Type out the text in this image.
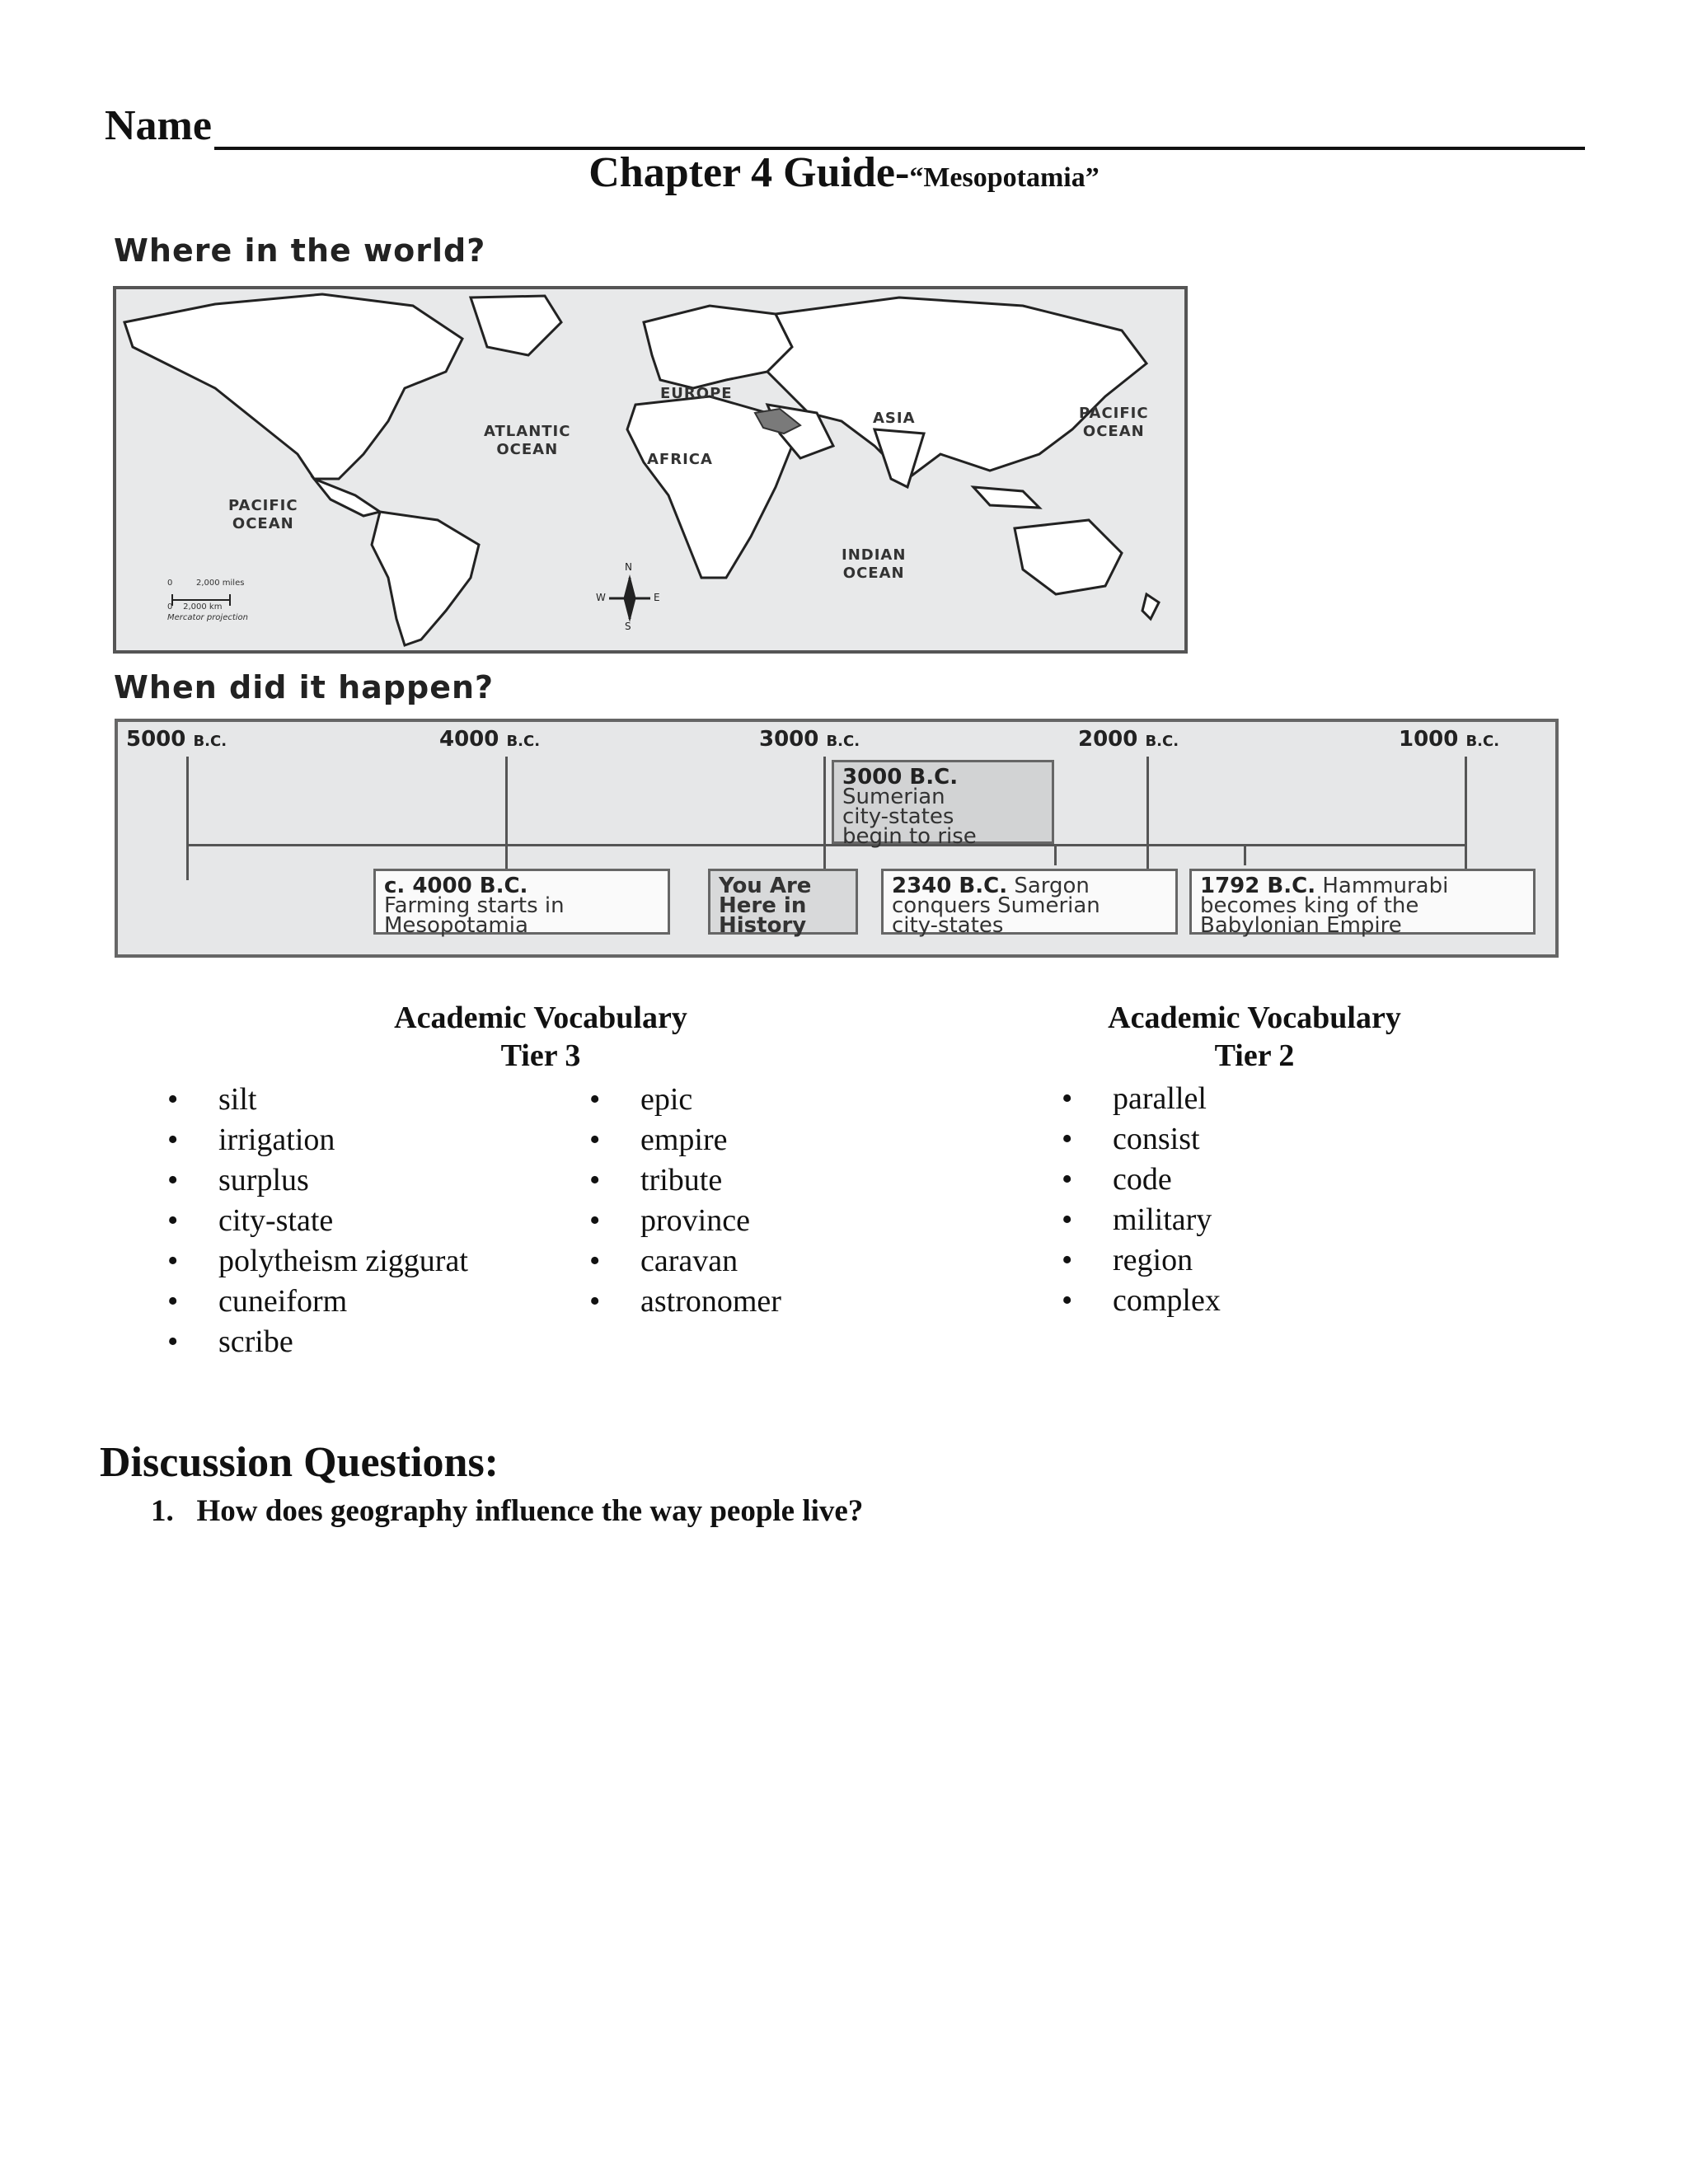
Name
Chapter 4 Guide-“Mesopotamia”
Where in the world?
EUROPE
ASIA
AFRICA
ATLANTIC
OCEAN
PACIFIC
OCEAN
PACIFIC
OCEAN
INDIAN
OCEAN
0	2,000 miles
0 2,000 km
Mercator projection
N
S
E
W
When did it happen?
5000 B.C.	4000 B.C.	3000 B.C.	2000 B.C.	1000 B.C.
3000 B.C.
Sumerian
city-states
begin to rise
c. 4000 B.C.
Farming starts in
Mesopotamia
You Are
Here in
History
2340 B.C. Sargon
conquers Sumerian
city-states
1792 B.C. Hammurabi
becomes king of the
Babylonian Empire
Academic Vocabulary
Tier 3
• silt
• irrigation
• surplus
• city-state
• polytheism ziggurat
• cuneiform
• scribe
• epic
• empire
• tribute
• province
• caravan
• astronomer
Academic Vocabulary
Tier 2
• parallel
• consist
• code
• military
• region
• complex
Discussion Questions:
1. How does geography influence the way people live?
